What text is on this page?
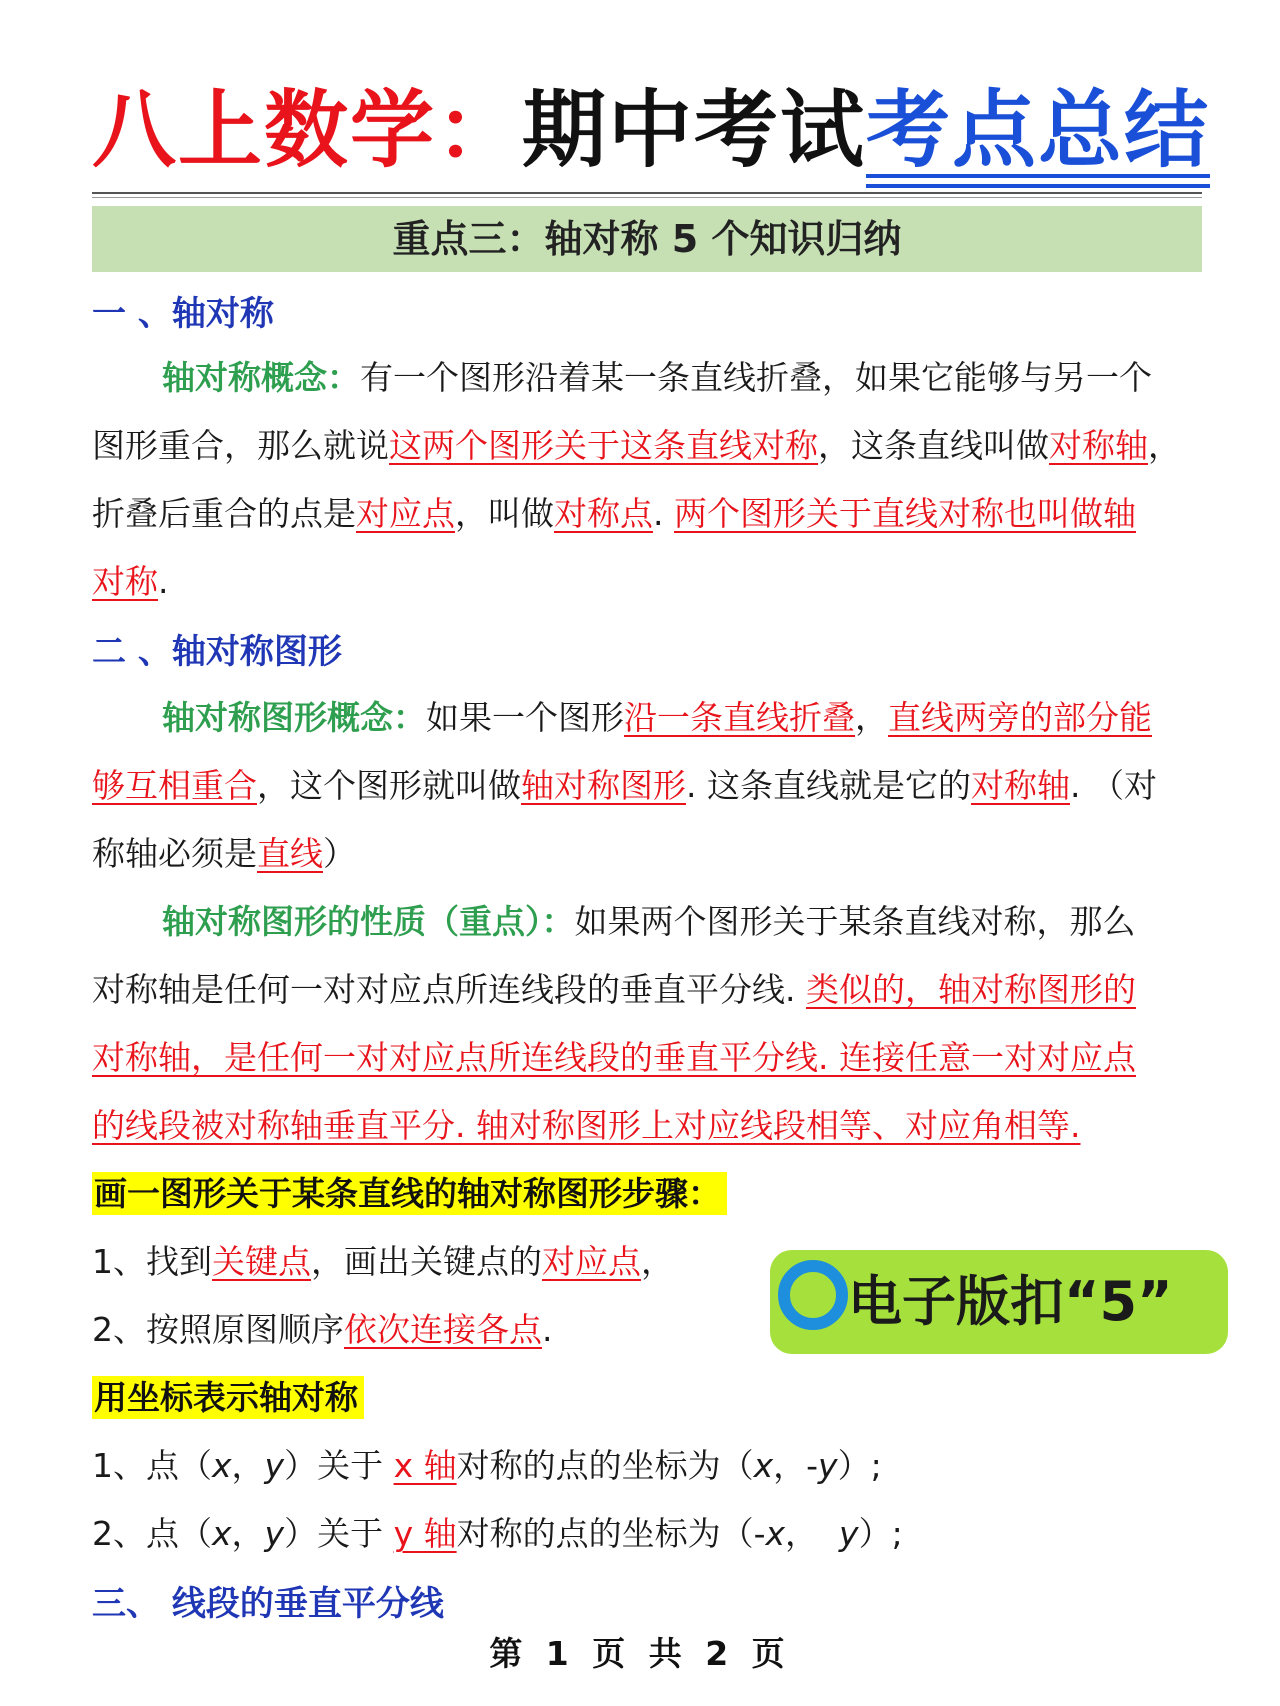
八上数学：期中考试考点总结
重点三：轴对称 5 个知识归纳
一 、轴对称
轴对称概念：有一个图形沿着某一条直线折叠，如果它能够与另一个
图形重合，那么就说这两个图形关于这条直线对称，这条直线叫做对称轴，
折叠后重合的点是对应点，叫做对称点. 两个图形关于直线对称也叫做轴
对称.
二 、轴对称图形
轴对称图形概念：如果一个图形沿一条直线折叠，直线两旁的部分能
够互相重合，这个图形就叫做轴对称图形. 这条直线就是它的对称轴. （对
称轴必须是直线）
轴对称图形的性质（重点）：如果两个图形关于某条直线对称，那么
对称轴是任何一对对应点所连线段的垂直平分线. 类似的，轴对称图形的
对称轴，是任何一对对应点所连线段的垂直平分线. 连接任意一对对应点
的线段被对称轴垂直平分. 轴对称图形上对应线段相等、对应角相等.
画一图形关于某条直线的轴对称图形步骤：
1、找到关键点，画出关键点的对应点，
2、按照原图顺序依次连接各点.
用坐标表示轴对称
1、点（x，y）关于 x 轴对称的点的坐标为（x，-y）;
2、点（x，y）关于 y 轴对称的点的坐标为（-x，  y）;
三、 线段的垂直平分线
电子版扣“5”
第 1 页 共 2 页
